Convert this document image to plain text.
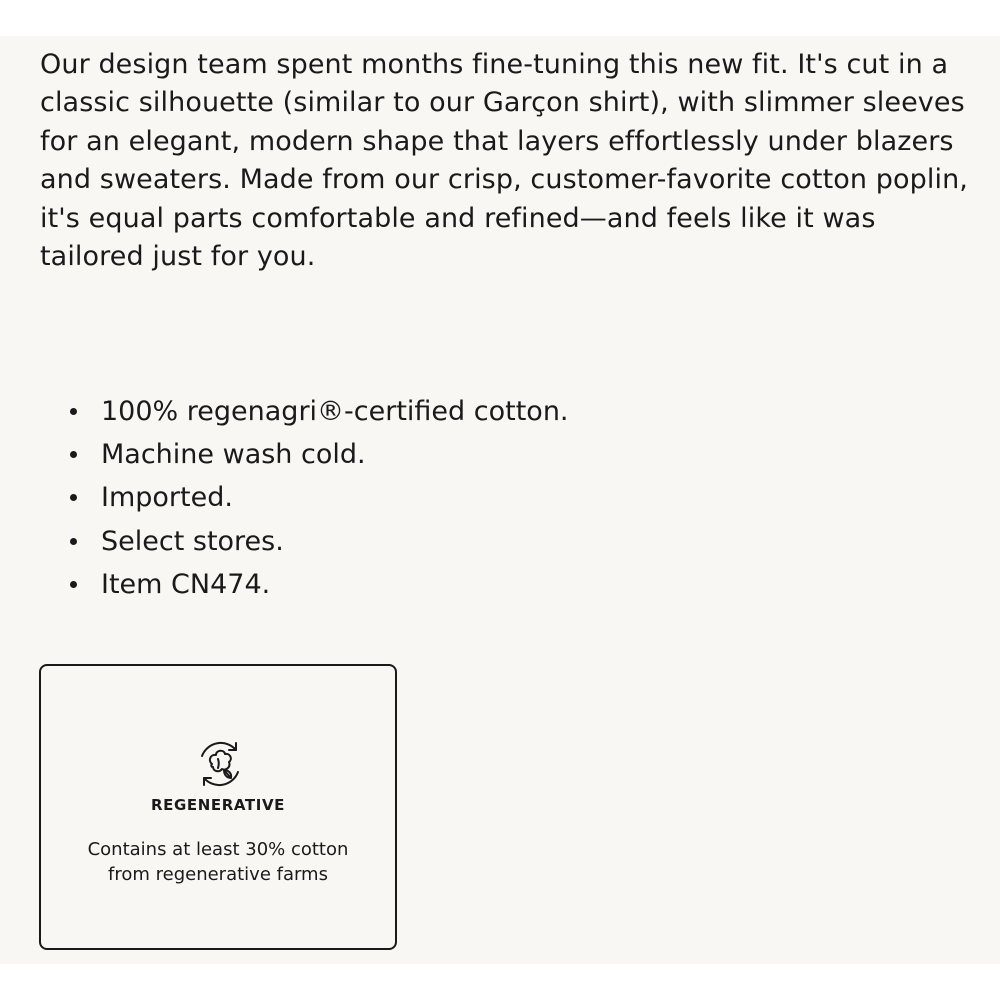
Our design team spent months fine-tuning this new fit. It's cut in a classic silhouette (similar to our Garçon shirt), with slimmer sleeves for an elegant, modern shape that layers effortlessly under blazers and sweaters. Made from our crisp, customer-favorite cotton poplin, it's equal parts comfortable and refined—and feels like it was tailored just for you.

100% regenagri®-certified cotton.
Machine wash cold.
Imported.
Select stores.
Item CN474.
REGENERATIVE
Contains at least 30% cotton
from regenerative farms
